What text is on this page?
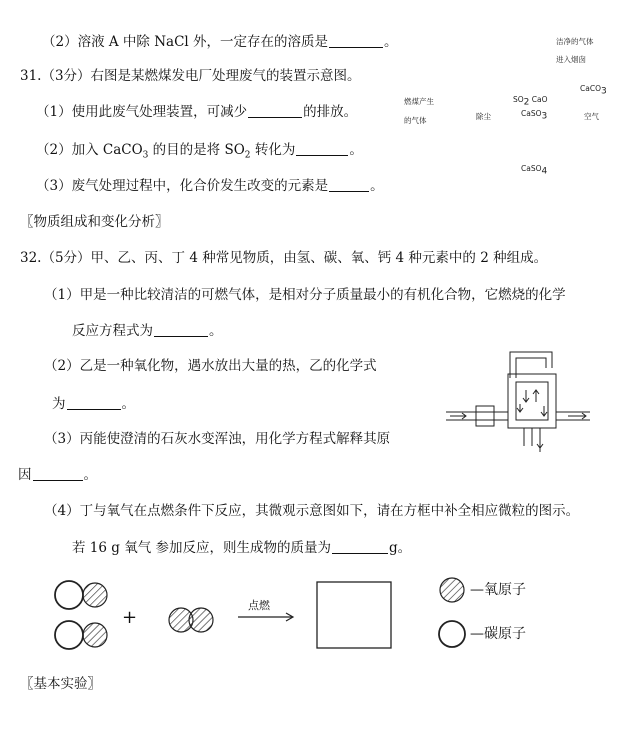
（2）溶液 A 中除 NaCl 外，一定存在的溶质是	。
31.（3分）右图是某燃煤发电厂处理废气的装置示意图。
（1）使用此废气处理装置，可减少	的排放。
（2）加入 CaCO$_3$ 的目的是将 $SO_2$ 转化为	。
（3）废气处理过程中，化合价发生改变的元素是	。
洁净的气体
进入烟囱
CaCO$_3$
燃煤产生
的气体	除尘
$SO_2$ CaO
CaSO$_3$	空气
CaSO$_4$
〖物质组成和变化分析〗
32.（5分）甲、乙、丙、丁 4 种常见物质，由氢、碳、氧、钙 4 种元素中的 2 种组成。
（1）甲是一种比较清洁的可燃气体，是相对分子质量最小的有机化合物，它燃烧的化学
反应方程式为	。
（2）乙是一种氧化物，遇水放出大量的热，乙的化学式
为	。
（3）丙能使澄清的石灰水变浑浊，用化学方程式解释其原
因	。
（4）丁与氧气在点燃条件下反应，其微观示意图如下，请在方框中补全相应微粒的图示。
若 16 g 氧气 参加反应，则生成物的质量为	g。
+
点燃
—氧原子
—碳原子
〖基本实验〗
